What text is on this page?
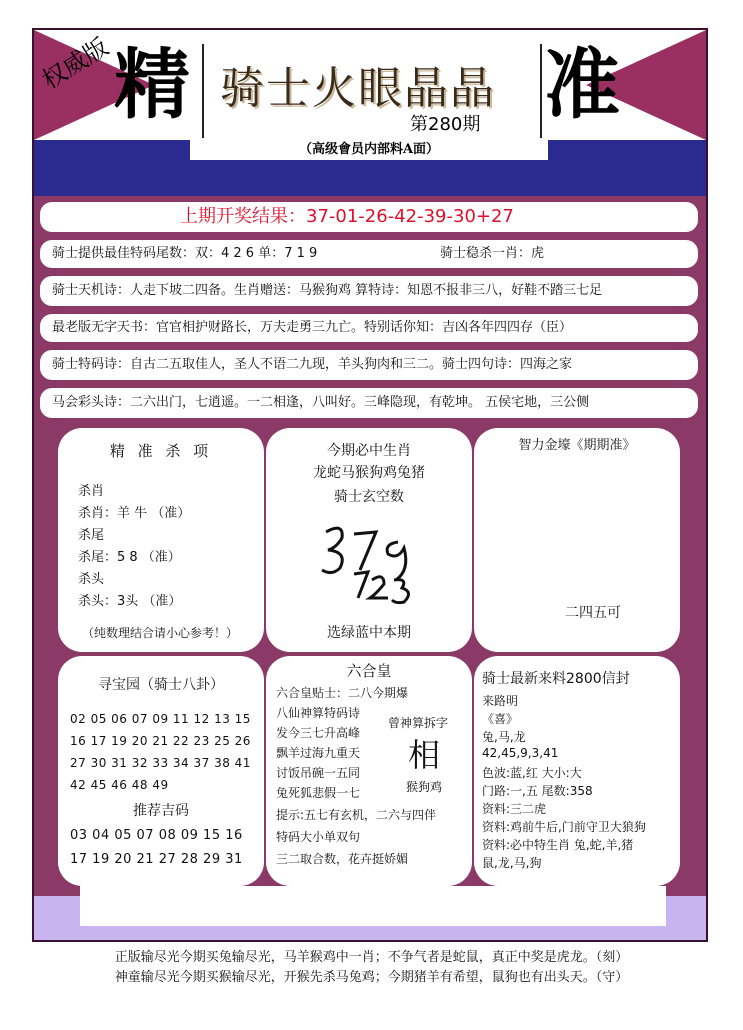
权威版 精 骑士火眼晶晶
第280期 准
（高级會员内部料A面）
上期开奖结果：37-01-26-42-39-30+27
骑士提供最佳特码尾数：双：4 2 6 单：7 1 9	骑士稳杀一肖：虎
骑士天机诗：人走下坡二四备。生肖赠送：马猴狗鸡 算特诗：知恩不报非三八，好鞋不踏三七足
最老版无字天书：官官相护财路长，万夫走勇三九亡。特别话你知：吉凶各年四四存（臣）
骑士特码诗：自古二五取佳人，圣人不语二九现，羊头狗肉和三二。骑士四句诗：四海之家
马会彩头诗：二六出门，七逍遥。一二相逢，八叫好。三峰隐现，有乾坤。 五侯宅地，三公侧
精 准 杀 项
杀肖
杀肖：羊 牛 （准）
杀尾
杀尾：5 8 （准）
杀头
杀头：3头 （准）
（纯数理结合请小心参考！）
今期必中生肖
龙蛇马猴狗鸡兔猪
骑士玄空数
选绿蓝中本期
智力金壕《期期准》
二四五可
寻宝园（骑士八卦）
02 05 06 07 09 11 12 13 15
16 17 19 20 21 22 23 25 26
27 30 31 32 33 34 37 38 41
42 45 46 48 49
推荐吉码
03 04 05 07 08 09 15 16
17 19 20 21 27 28 29 31
六合皇
六合皇贴士：二八今期爆
八仙神算特码诗
发今三七升高峰
飘羊过海九重天
讨饭吊碗一五同
兔死狐悲假一七
提示:五七有玄机，二六与四伴
特码大小单双句
三二取合数，花卉挺娇媚
曾神算拆字
相
猴狗鸡
骑士最新来料2800信封
来路明
《喜》
兔,马,龙
42,45,9,3,41
色波:蓝,红 大小:大
门路:一,五 尾数:358
资料:三二虎
资料:鸡前牛后,门前守卫大狼狗
资料:必中特生肖 兔,蛇,羊,猪
鼠,龙,马,狗
正版输尽光今期买兔输尽光，马羊猴鸡中一肖；不争气者是蛇鼠，真正中奖是虎龙。（刻）
神童输尽光今期买猴输尽光，开猴先杀马兔鸡；今期猪羊有希望，鼠狗也有出头天。（守）
